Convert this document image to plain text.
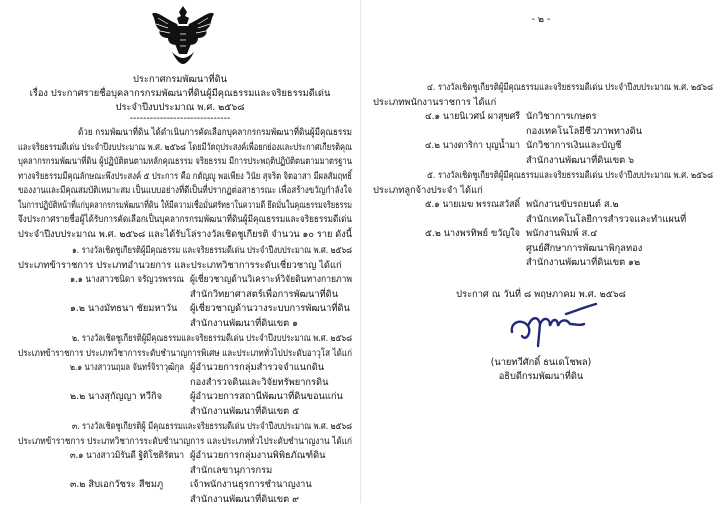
ประกาศกรมพัฒนาที่ดิน
เรื่อง ประกาศรายชื่อบุคลากรกรมพัฒนาที่ดินผู้มีคุณธรรมและจริยธรรมดีเด่น
ประจำปีงบประมาณ พ.ศ. ๒๕๖๘
------------------------------
ด้วย กรมพัฒนาที่ดิน ได้ดำเนินการคัดเลือกบุคลากรกรมพัฒนาที่ดินผู้มีคุณธรรม
และจริยธรรมดีเด่น ประจำปีงบประมาณ พ.ศ. ๒๕๖๘ โดยมีวัตถุประสงค์เพื่อยกย่องและประกาศเกียรติคุณ
บุคลากรกรมพัฒนาที่ดิน ผู้ปฏิบัติตนตามหลักคุณธรรม จริยธรรม มีการประพฤติปฏิบัติตนตามมาตรฐาน
ทางจริยธรรมมีคุณลักษณะพึงประสงค์ ๕ ประการ คือ กตัญญู พอเพียง วินัย สุจริต จิตอาสา มีผลสัมฤทธิ์
ของงานและมีคุณสมบัติเหมาะสม เป็นแบบอย่างที่ดีเป็นที่ปรากฏต่อสาธารณะ เพื่อสร้างขวัญกำลังใจ
ในการปฏิบัติหน้าที่แก่บุคลากรกรมพัฒนาที่ดิน ให้มีความเชื่อมั่นศรัทธาในความดี ยึดมั่นในคุณธรรมจริยธรรม
จึงประกาศรายชื่อผู้ได้รับการคัดเลือกเป็นบุคลากรกรมพัฒนาที่ดินผู้มีคุณธรรมและจริยธรรมดีเด่น
ประจำปีงบประมาณ พ.ศ. ๒๕๖๘ และได้รับโล่รางวัลเชิดชูเกียรติ จำนวน ๑๐ ราย ดังนี้
๑. รางวัลเชิดชูเกียรติผู้มีคุณธรรม และจริยธรรมดีเด่น ประจำปีงบประมาณ พ.ศ. ๒๕๖๘
ประเภทข้าราชการ ประเภทอำนวยการ และประเภทวิชาการระดับเชี่ยวชาญ ได้แก่
๑.๑ นางสาวชนิดา จรัญวรพรรณ ผู้เชี่ยวชาญด้านวิเคราะห์วิจัยดินทางกายภาพ
สำนักวิทยาศาสตร์เพื่อการพัฒนาที่ดิน
๑.๒ นางมัทธนา ชัยมหาวัน ผู้เชี่ยวชาญด้านวางระบบการพัฒนาที่ดิน
สำนักงานพัฒนาที่ดินเขต ๑
๒. รางวัลเชิดชูเกียรติผู้มีคุณธรรมและจริยธรรมดีเด่น ประจำปีงบประมาณ พ.ศ. ๒๕๖๘
ประเภทข้าราชการ ประเภทวิชาการระดับชำนาญการพิเศษ และประเภททั่วไปประดับอาวุโส ได้แก่
๒.๑ นางสาวนฤมล จันทร์จิราวุฒิกุล ผู้อำนวยการกลุ่มสำรวจจำแนกดิน
กองสำรวจดินและวิจัยทรัพยากรดิน
๒.๒ นางสุกัญญา ทวีกิจ	ผู้อำนวยการสถานีพัฒนาที่ดินขอนแก่น
สำนักงานพัฒนาที่ดินเขต ๕
๓. รางวัลเชิดชูเกียรติผู้ มีคุณธรรมและจริยธรรมดีเด่น ประจำปีงบประมาณ พ.ศ. ๒๕๖๘
ประเภทข้าราชการ ประเภทวิชาการระดับชำนาญการ และประเภททั่วไประดับชำนาญงาน ได้แก่
๓.๑ นางสาวมิรันดี ฐิติโชติรัตนา ผู้อำนวยการกลุ่มงานพิพิธภัณฑ์ดิน
สำนักเลขานุการกรม
๓.๒ สิบเอกวัชระ สีชมภู	เจ้าพนักงานธุรการชำนาญงาน
สำนักงานพัฒนาที่ดินเขต ๙
- ๒ -
๔. รางวัลเชิดชูเกียรติผู้มีคุณธรรมและจริยธรรมดีเด่น ประจำปีงบประมาณ พ.ศ. ๒๕๖๘
ประเภทพนักงานราชการ ได้แก่
๔.๑ นายนิเวศน์ ผาสุขศรี นักวิชาการเกษตร
กองเทคโนโลยีชีวภาพทางดิน
๔.๒ นางดาริกา บุญน้ำมา นักวิชาการเงินและบัญชี
สำนักงานพัฒนาที่ดินเขต ๖
๕. รางวัลเชิดชูเกียรติผู้มีคุณธรรมและจริยธรรมดีเด่น ประจำปีงบประมาณ พ.ศ. ๒๕๖๘
ประเภทลูกจ้างประจำ ได้แก่
๕.๑ นายเมฆ พรรณสวัสดิ์ พนักงานขับรถยนต์ ส.๒
สำนักเทคโนโลยีการสำรวจและทำแผนที่
๕.๒ นางพรทิพย์ ขวัญใจ พนักงานพิมพ์ ส.๔
ศูนย์ศึกษาการพัฒนาพิกุลทอง
สำนักงานพัฒนาที่ดินเขต ๑๒
ประกาศ ณ วันที่ ๘ พฤษภาคม พ.ศ. ๒๕๖๘
(นายทวีศักดิ์ ธนเดโชพล)
อธิบดีกรมพัฒนาที่ดิน
